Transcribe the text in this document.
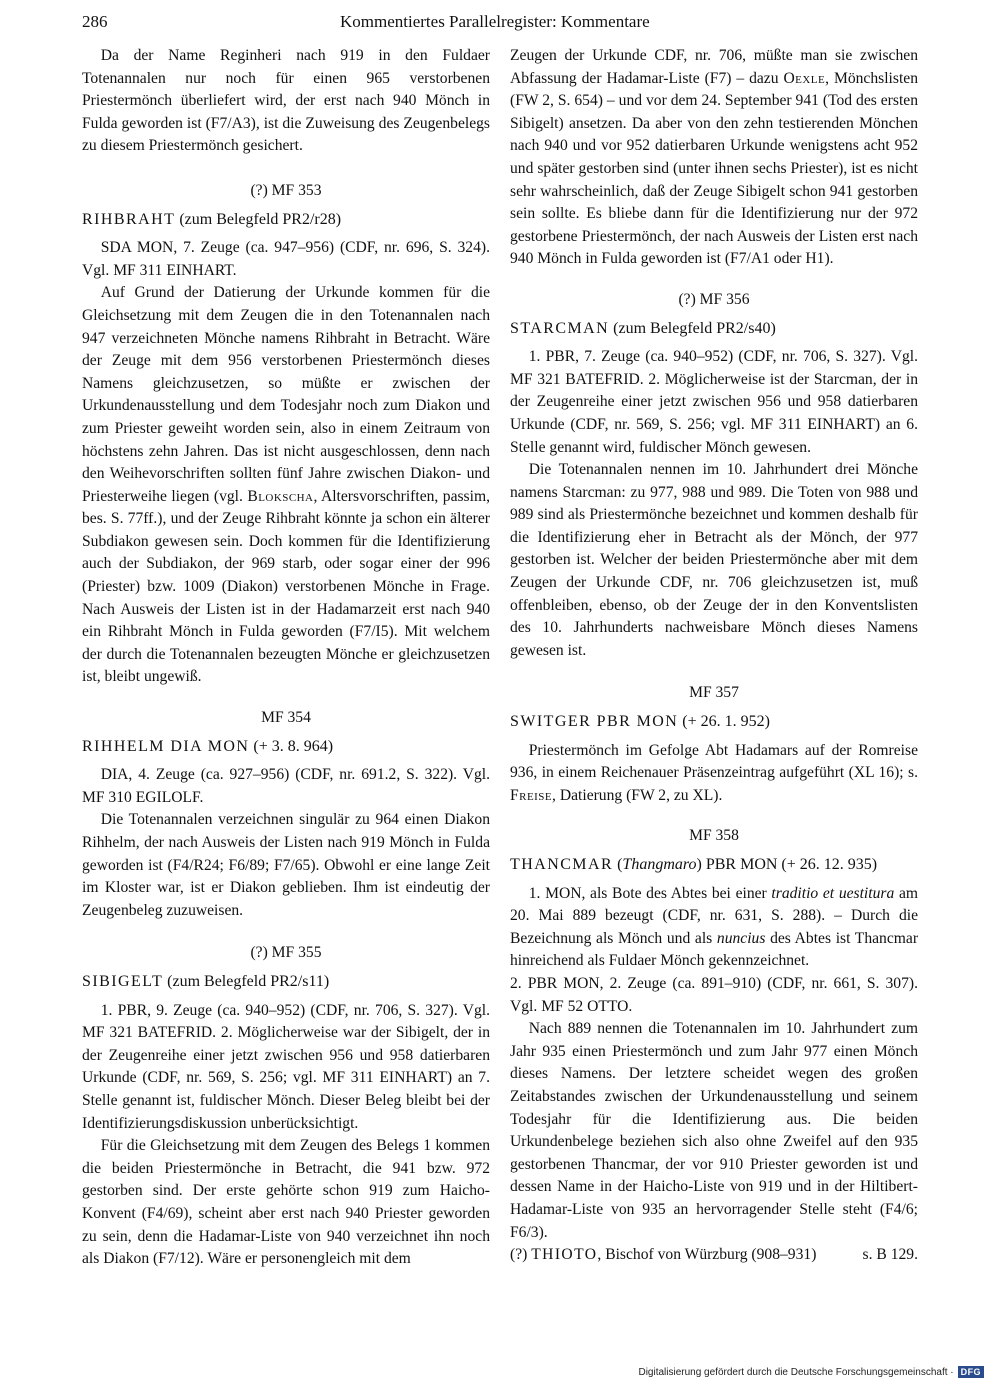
286	Kommentiertes Parallelregister: Kommentare

Da der Name Reginheri nach 919 in den Fuldaer Totenannalen nur noch für einen 965 verstorbenen Priestermönch überliefert wird, der erst nach 940 Mönch in Fulda geworden ist (F7/A3), ist die Zuweisung des Zeugenbelegs zu diesem Priestermönch gesichert.

(?) MF 353
RIHBRAHT (zum Belegfeld PR2/r28)

SDA MON, 7. Zeuge (ca. 947–956) (CDF, nr. 696, S. 324). Vgl. MF 311 EINHART.

Auf Grund der Datierung der Urkunde kommen für die Gleichsetzung mit dem Zeugen die in den Totenannalen nach 947 verzeichneten Mönche namens Rihbraht in Betracht. Wäre der Zeuge mit dem 956 verstorbenen Priestermönch dieses Namens gleichzusetzen, so müßte er zwischen der Urkundenausstellung und dem Todesjahr noch zum Diakon und zum Priester geweiht worden sein, also in einem Zeitraum von höchstens zehn Jahren. Das ist nicht ausgeschlossen, denn nach den Weihevorschriften sollten fünf Jahre zwischen Diakon- und Priesterweihe liegen (vgl. Blokscha, Altersvorschriften, passim, bes. S. 77ff.), und der Zeuge Rihbraht könnte ja schon ein älterer Subdiakon gewesen sein. Doch kommen für die Identifizierung auch der Subdiakon, der 969 starb, oder sogar einer der 996 (Priester) bzw. 1009 (Diakon) verstorbenen Mönche in Frage. Nach Ausweis der Listen ist in der Hadamarzeit erst nach 940 ein Rihbraht Mönch in Fulda geworden (F7/I5). Mit welchem der durch die Totenannalen bezeugten Mönche er gleichzusetzen ist, bleibt ungewiß.

MF 354
RIHHELM DIA MON (+ 3. 8. 964)

DIA, 4. Zeuge (ca. 927–956) (CDF, nr. 691.2, S. 322). Vgl. MF 310 EGILOLF.

Die Totenannalen verzeichnen singulär zu 964 einen Diakon Rihhelm, der nach Ausweis der Listen nach 919 Mönch in Fulda geworden ist (F4/R24; F6/89; F7/65). Obwohl er eine lange Zeit im Kloster war, ist er Diakon geblieben. Ihm ist eindeutig der Zeugenbeleg zuzuweisen.

(?) MF 355
SIBIGELT (zum Belegfeld PR2/s11)

1. PBR, 9. Zeuge (ca. 940–952) (CDF, nr. 706, S. 327). Vgl. MF 321 BATEFRID. 2. Möglicherweise war der Sibigelt, der in der Zeugenreihe einer jetzt zwischen 956 und 958 datierbaren Urkunde (CDF, nr. 569, S. 256; vgl. MF 311 EINHART) an 7. Stelle genannt ist, fuldischer Mönch. Dieser Beleg bleibt bei der Identifizierungsdiskussion unberücksichtigt.

Für die Gleichsetzung mit dem Zeugen des Belegs 1 kommen die beiden Priestermönche in Betracht, die 941 bzw. 972 gestorben sind. Der erste gehörte schon 919 zum Haicho-Konvent (F4/69), scheint aber erst nach 940 Priester geworden zu sein, denn die Hadamar-Liste von 940 verzeichnet ihn noch als Diakon (F7/12). Wäre er personengleich mit dem

Zeugen der Urkunde CDF, nr. 706, müßte man sie zwischen Abfassung der Hadamar-Liste (F7) – dazu Oexle, Mönchslisten (FW 2, S. 654) – und vor dem 24. September 941 (Tod des ersten Sibigelt) ansetzen. Da aber von den zehn testierenden Mönchen nach 940 und vor 952 datierbaren Urkunde wenigstens acht 952 und später gestorben sind (unter ihnen sechs Priester), ist es nicht sehr wahrscheinlich, daß der Zeuge Sibigelt schon 941 gestorben sein sollte. Es bliebe dann für die Identifizierung nur der 972 gestorbene Priestermönch, der nach Ausweis der Listen erst nach 940 Mönch in Fulda geworden ist (F7/A1 oder H1).

(?) MF 356
STARCMAN (zum Belegfeld PR2/s40)

1. PBR, 7. Zeuge (ca. 940–952) (CDF, nr. 706, S. 327). Vgl. MF 321 BATEFRID. 2. Möglicherweise ist der Starcman, der in der Zeugenreihe einer jetzt zwischen 956 und 958 datierbaren Urkunde (CDF, nr. 569, S. 256; vgl. MF 311 EINHART) an 6. Stelle genannt wird, fuldischer Mönch gewesen.

Die Totenannalen nennen im 10. Jahrhundert drei Mönche namens Starcman: zu 977, 988 und 989. Die Toten von 988 und 989 sind als Priestermönche bezeichnet und kommen deshalb für die Identifizierung eher in Betracht als der Mönch, der 977 gestorben ist. Welcher der beiden Priestermönche aber mit dem Zeugen der Urkunde CDF, nr. 706 gleichzusetzen ist, muß offenbleiben, ebenso, ob der Zeuge der in den Konventslisten des 10. Jahrhunderts nachweisbare Mönch dieses Namens gewesen ist.

MF 357
SWITGER PBR MON (+ 26. 1. 952)

Priestermönch im Gefolge Abt Hadamars auf der Romreise 936, in einem Reichenauer Präsenzeintrag aufgeführt (XL 16); s. Freise, Datierung (FW 2, zu XL).

MF 358
THANCMAR (Thangmaro) PBR MON (+ 26. 12. 935)

1. MON, als Bote des Abtes bei einer traditio et uestitura am 20. Mai 889 bezeugt (CDF, nr. 631, S. 288). – Durch die Bezeichnung als Mönch und als nuncius des Abtes ist Thancmar hinreichend als Fuldaer Mönch gekennzeichnet.
2. PBR MON, 2. Zeuge (ca. 891–910) (CDF, nr. 661, S. 307). Vgl. MF 52 OTTO.

Nach 889 nennen die Totenannalen im 10. Jahrhundert zum Jahr 935 einen Priestermönch und zum Jahr 977 einen Mönch dieses Namens. Der letztere scheidet wegen des großen Zeitabstandes zwischen der Urkundenausstellung und seinem Todesjahr für die Identifizierung aus. Die beiden Urkundenbelege beziehen sich also ohne Zweifel auf den 935 gestorbenen Thancmar, der vor 910 Priester geworden ist und dessen Name in der Haicho-Liste von 919 und in der Hiltibert-Hadamar-Liste von 935 an hervorragender Stelle steht (F4/6; F6/3).

(?) THIOTO, Bischof von Würzburg (908–931)	s. B 129.

Digitalisierung gefördert durch die Deutsche Forschungsgemeinschaft · DFG
